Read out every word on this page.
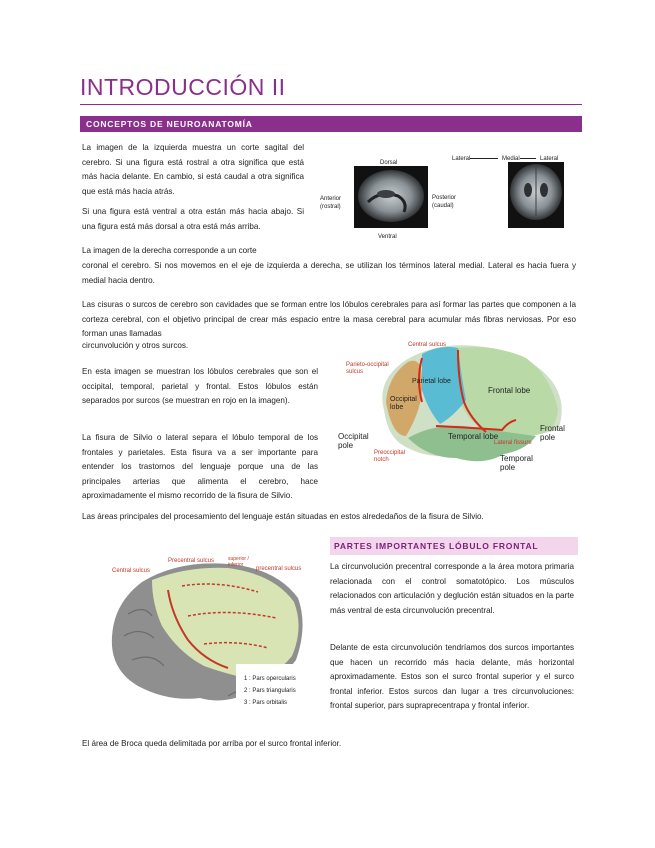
INTRODUCCIÓN II
CONCEPTOS DE NEUROANATOMÍA

La imagen de la izquierda muestra un corte sagital del cerebro. Si una figura está rostral a otra significa que está más hacia delante. En cambio, si está caudal a otra significa que está más hacia atrás.

Si una figura está ventral a otra están más hacia abajo. Si una figura está más dorsal a otra está más arriba.

La imagen de la derecha corresponde a un corte

coronal el cerebro. Si nos movemos en el eje de izquierda a derecha, se utilizan los términos lateral medial. Lateral es hacia fuera y medial hacia dentro.

Las cisuras o surcos de cerebro son cavidades que se forman entre los lóbulos cerebrales para así formar las partes que componen a la corteza cerebral, con el objetivo principal de crear más espacio entre la masa cerebral para acumular más fibras nerviosas. Por eso forman unas llamadas

circunvolución y otros surcos.

En esta imagen se muestran los lóbulos cerebrales que son el occipital, temporal, parietal y frontal. Estos lóbulos están separados por surcos (se muestran en rojo en la imagen).

La fisura de Silvio o lateral separa el lóbulo temporal de los frontales y parietales. Esta fisura va a ser importante para entender los trastornos del lenguaje porque una de las principales arterias que alimenta el cerebro, hace aproximadamente el mismo recorrido de la fisura de Silvio.

Las áreas principales del procesamiento del lenguaje están situadas en estos alrededaños de la fisura de Silvio.

Dorsal
Anterior (rostral)
Posterior (caudal)
Ventral
Lateral	Medial	Lateral
Central sulcus
Parieto-occipital sulcus
Parietal lobe
Frontal lobe
Occipital lobe
Occipital pole
Temporal lobe
Lateral fissure
Frontal pole
Preoccipital notch	Temporal pole
Central sulcus
Precentral sulcus	superior / inferior
precentral sulcus
1 : Pars opercularis
2 : Pars triangularis
3 : Pars orbitalis
PARTES IMPORTANTES LÓBULO FRONTAL

La circunvolución precentral corresponde a la área motora primaria relacionada con el control somatotópico. Los músculos relacionados con articulación y deglución están situados en la parte más ventral de esta circunvolución precentral.

Delante de esta circunvolución tendríamos dos surcos importantes que hacen un recorrido más hacia delante, más horizontal aproximadamente. Estos son el surco frontal superior y el surco frontal inferior. Estos surcos dan lugar a tres circunvoluciones: frontal superior, pars supraprecentrapa y frontal inferior.

El área de Broca queda delimitada por arriba por el surco frontal inferior.
